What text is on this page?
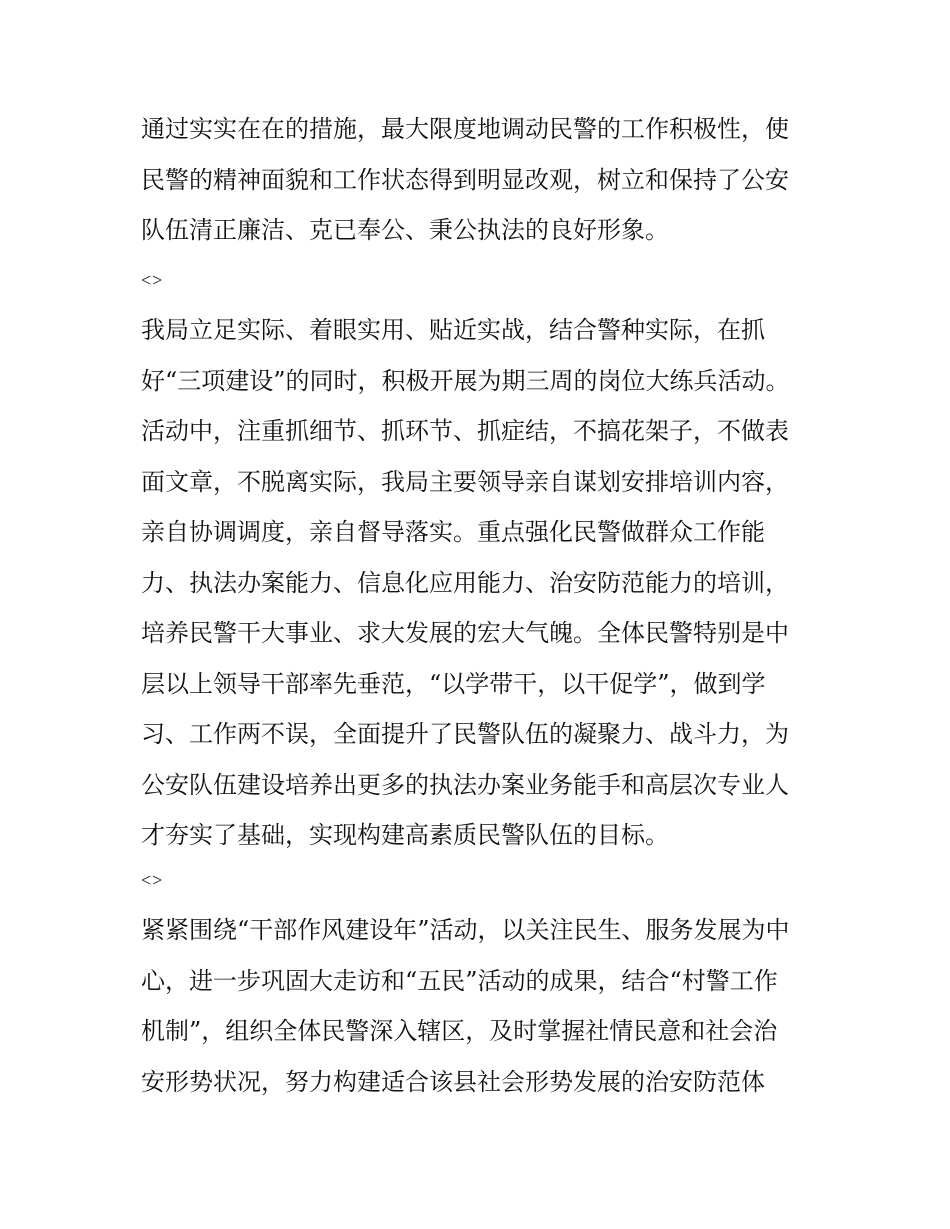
通过实实在在的措施，最大限度地调动民警的工作积极性，使
民警的精神面貌和工作状态得到明显改观，树立和保持了公安
队伍清正廉洁、克已奉公、秉公执法的良好形象。
<>
我局立足实际、着眼实用、贴近实战，结合警种实际，在抓
好“三项建设”的同时，积极开展为期三周的岗位大练兵活动。
活动中，注重抓细节、抓环节、抓症结，不搞花架子，不做表
面文章，不脱离实际，我局主要领导亲自谋划安排培训内容，
亲自协调调度，亲自督导落实。重点强化民警做群众工作能
力、执法办案能力、信息化应用能力、治安防范能力的培训，
培养民警干大事业、求大发展的宏大气魄。全体民警特别是中
层以上领导干部率先垂范，“以学带干，以干促学”，做到学
习、工作两不误，全面提升了民警队伍的凝聚力、战斗力，为
公安队伍建设培养出更多的执法办案业务能手和高层次专业人
才夯实了基础，实现构建高素质民警队伍的目标。
<>
紧紧围绕“干部作风建设年”活动，以关注民生、服务发展为中
心，进一步巩固大走访和“五民”活动的成果，结合“村警工作
机制”，组织全体民警深入辖区，及时掌握社情民意和社会治
安形势状况，努力构建适合该县社会形势发展的治安防范体
